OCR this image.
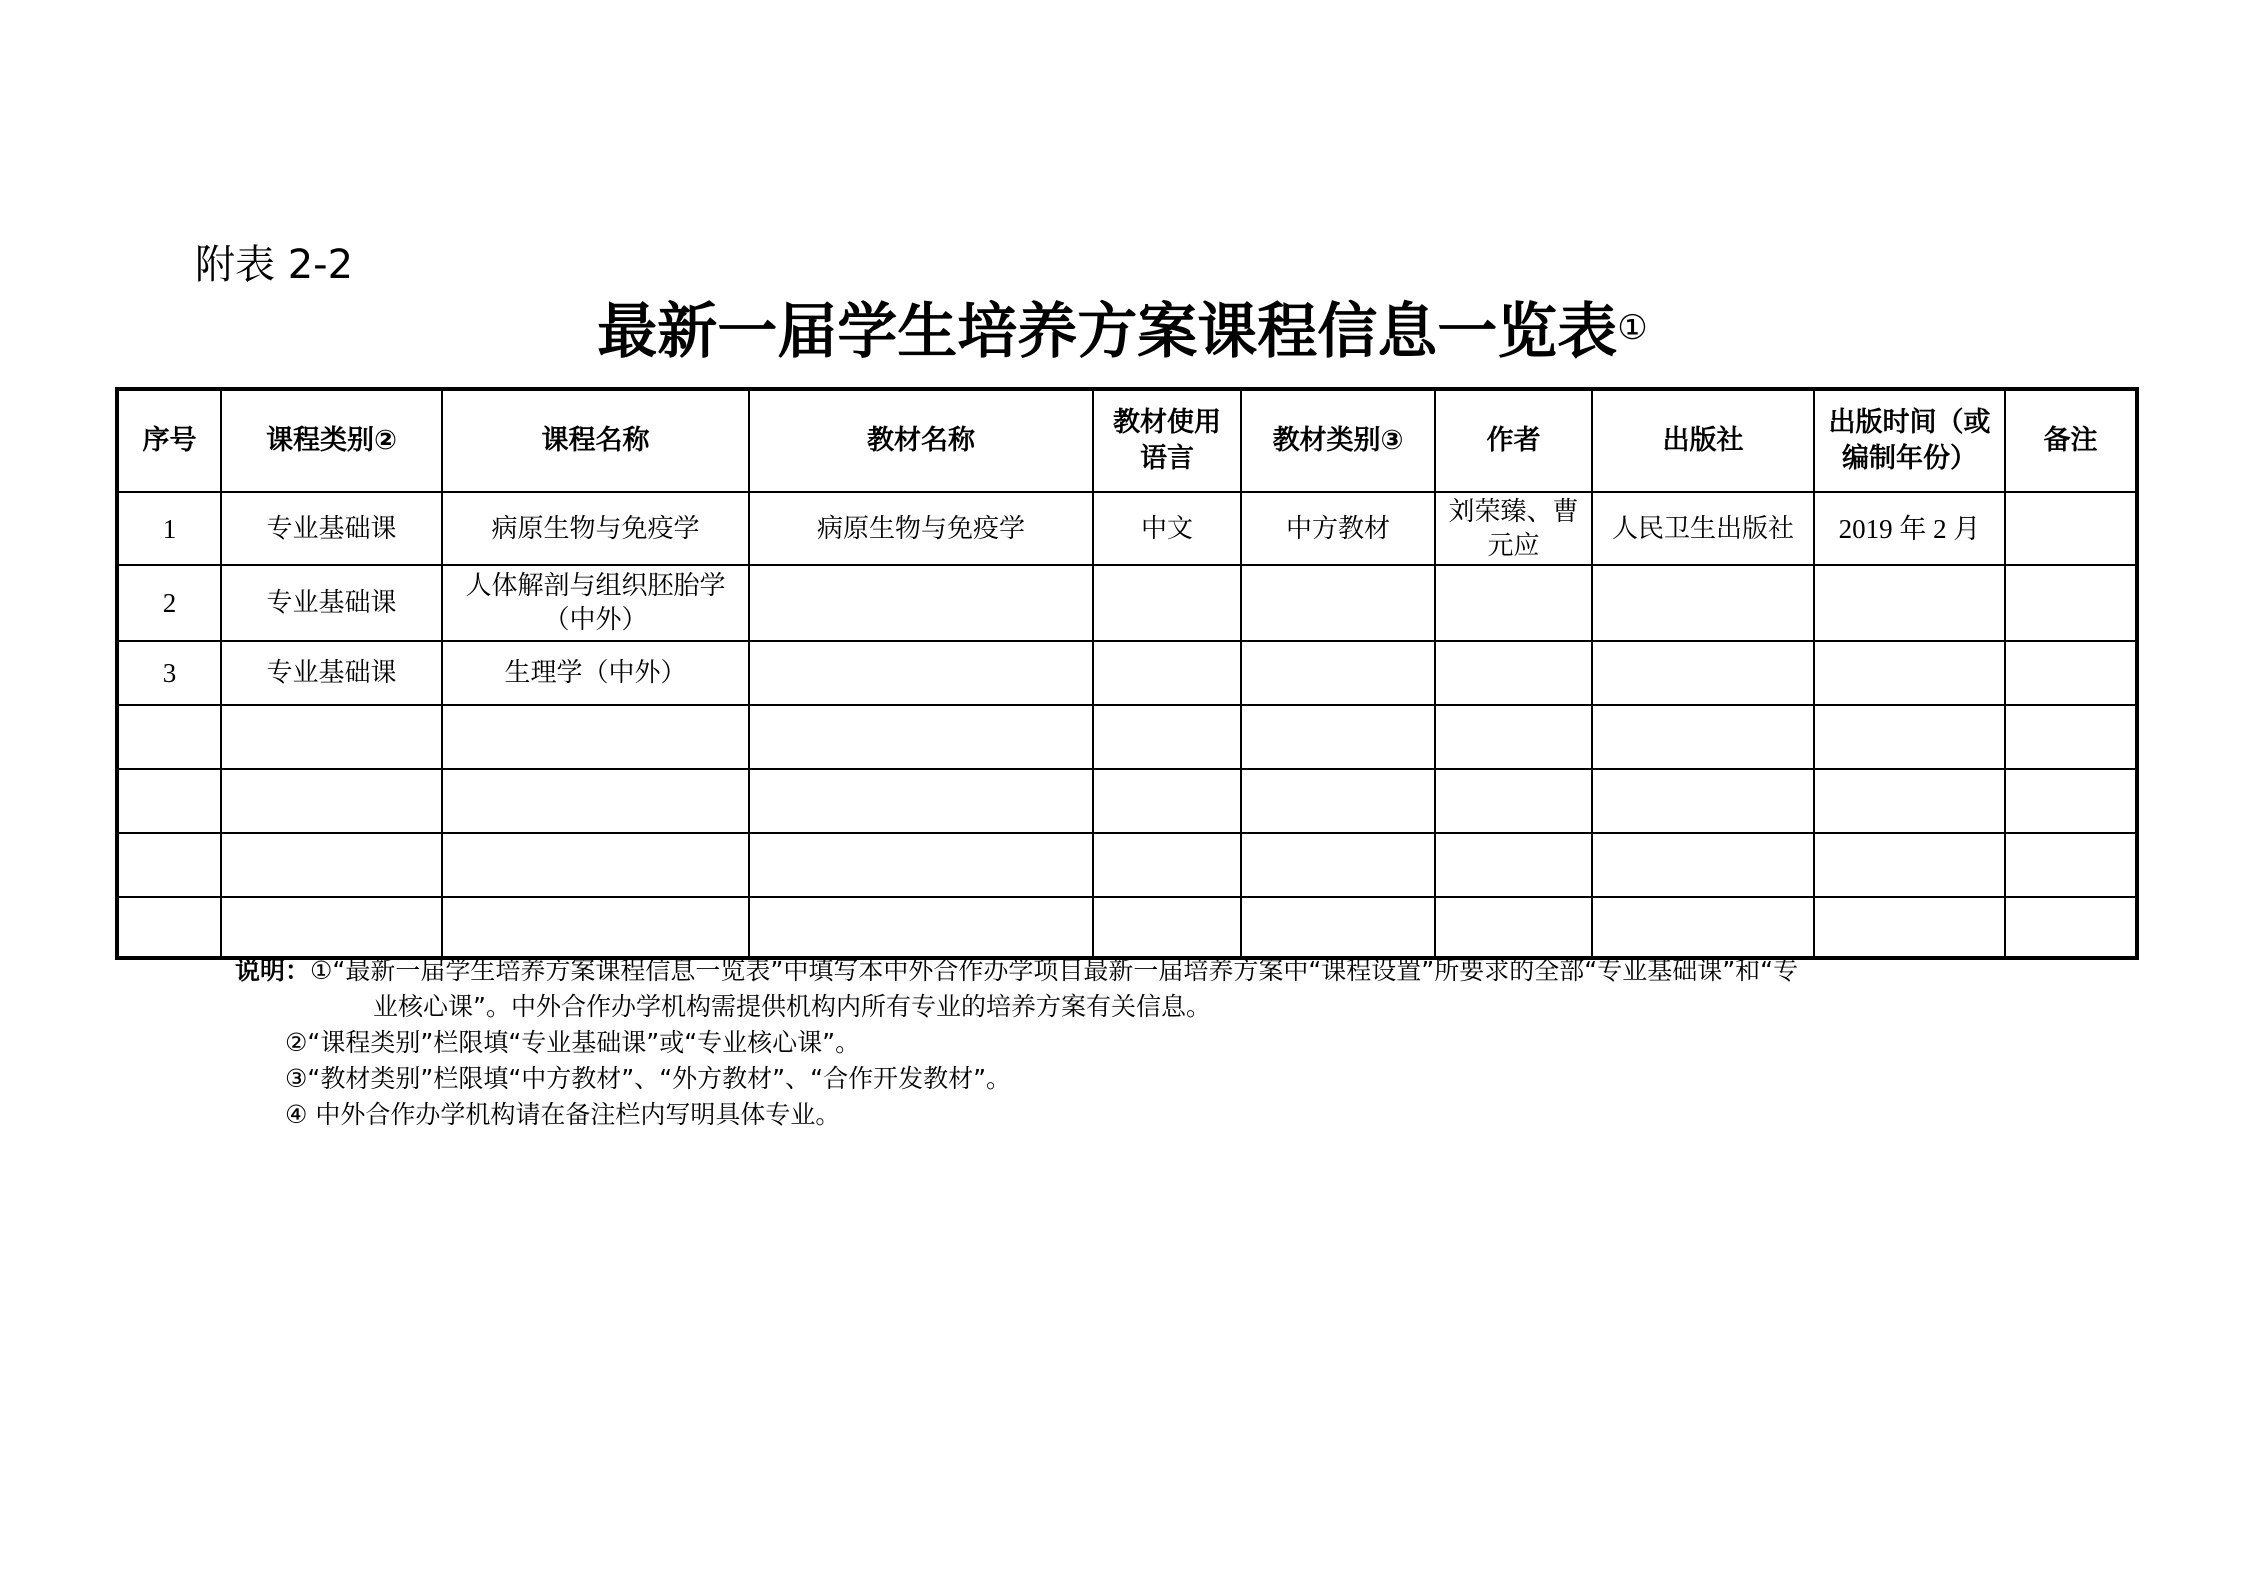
附表 2-2
最新一届学生培养方案课程信息一览表①
序号	课程类别②	课程名称	教材名称	教材使用语言	教材类别③	作者	出版社	出版时间（或编制年份）	备注
1	专业基础课	病原生物与免疫学	病原生物与免疫学	中文	中方教材	刘荣臻、曹元应	人民卫生出版社	2019 年 2 月	
2	专业基础课	人体解剖与组织胚胎学（中外）							
3	专业基础课	生理学（中外）							

说明：①“最新一届学生培养方案课程信息一览表”中填写本中外合作办学项目最新一届培养方案中“课程设置”所要求的全部“专业基础课”和“专
业核心课”。中外合作办学机构需提供机构内所有专业的培养方案有关信息。
②“课程类别”栏限填“专业基础课”或“专业核心课”。
③“教材类别”栏限填“中方教材”、“外方教材”、“合作开发教材”。
④ 中外合作办学机构请在备注栏内写明具体专业。
